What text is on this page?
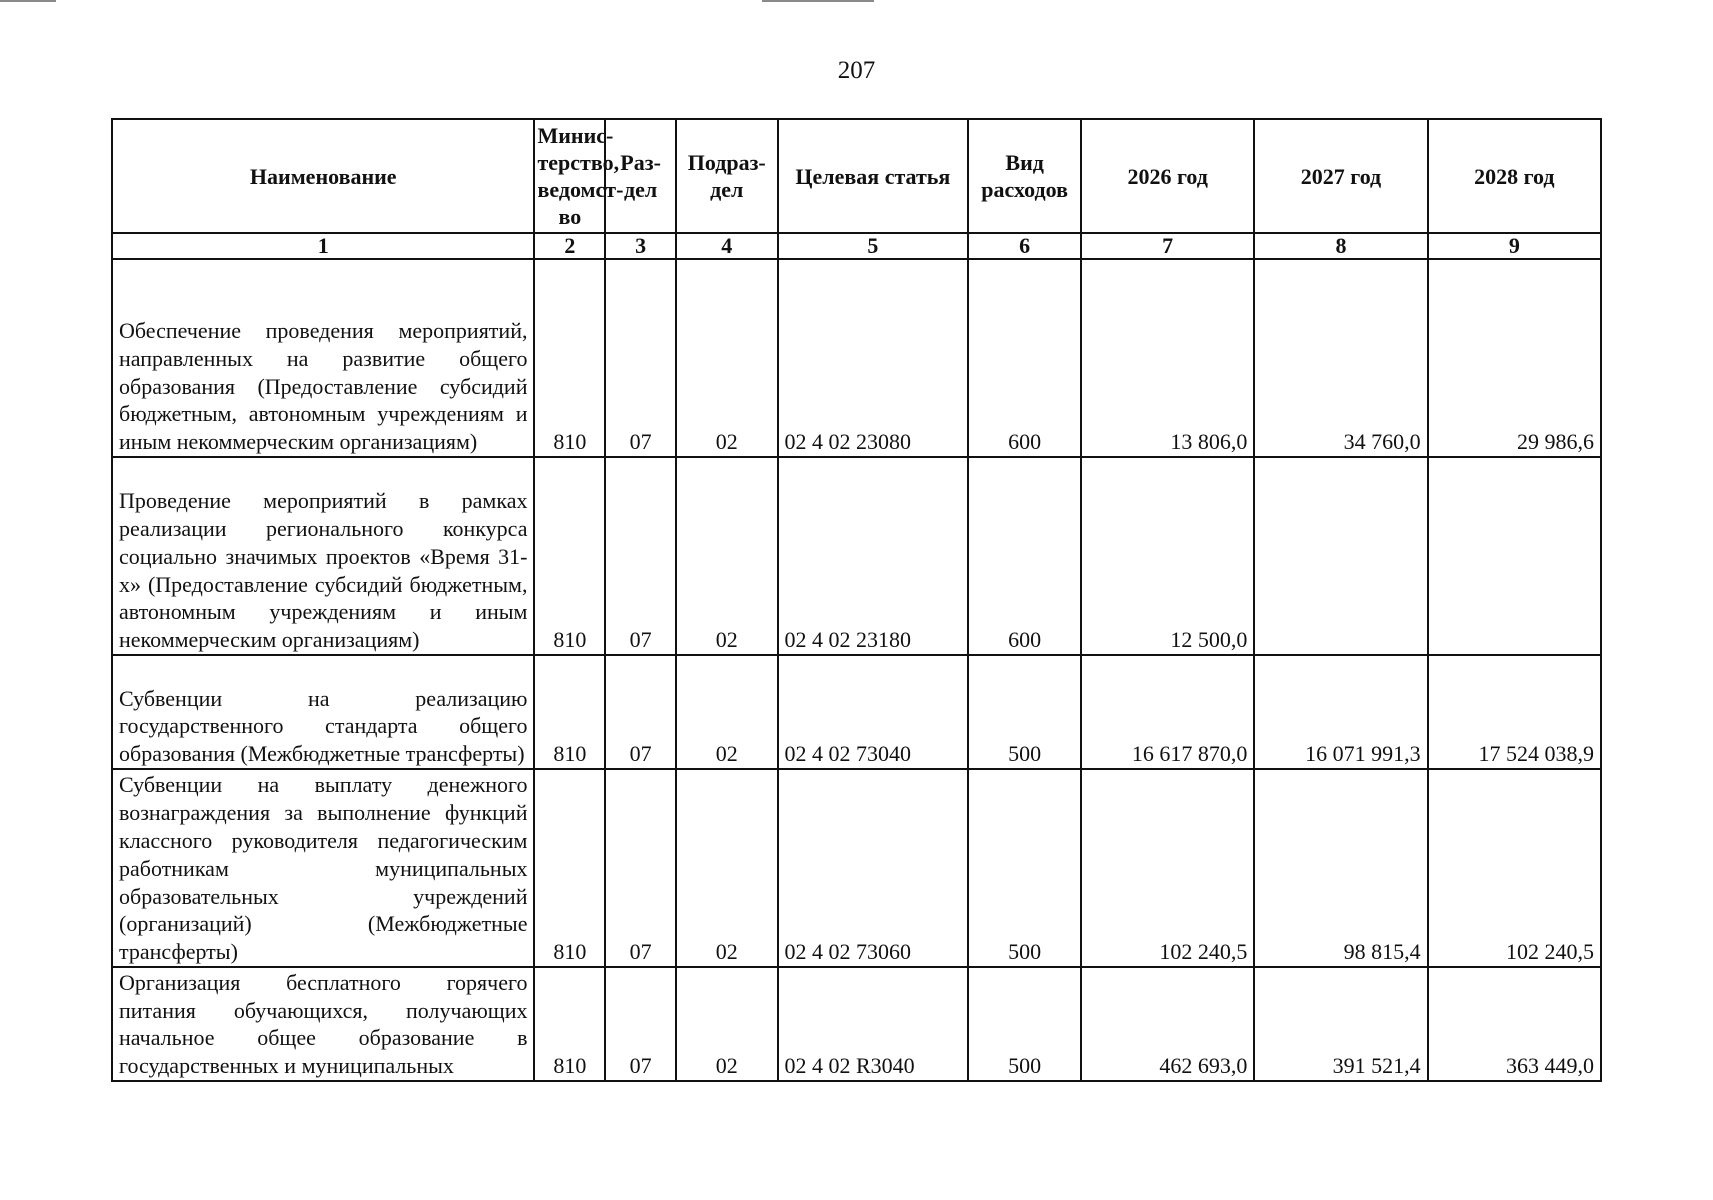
207
Наименование	Минис-терство, ведомст-во	Раз-дел	Подраз-дел	Целевая статья	Вид расходов	2026 год	2027 год	2028 год
1	2	3	4	5	6	7	8	9
Обеспечение проведения мероприятий, направленных на развитие общего образования (Предоставление субсидий бюджетным, автономным учреждениям и иным некоммерческим организациям)	810	07	02	02 4 02 23080	600	13 806,0	34 760,0	29 986,6
Проведение мероприятий в рамках реализации регионального конкурса социально значимых проектов «Время 31-х» (Предоставление субсидий бюджетным, автономным учреждениям и иным некоммерческим организациям)	810	07	02	02 4 02 23180	600	12 500,0		
Субвенции на реализацию государственного стандарта общего образования (Межбюджетные трансферты)	810	07	02	02 4 02 73040	500	16 617 870,0	16 071 991,3	17 524 038,9
Субвенции на выплату денежного вознаграждения за выполнение функций классного руководителя педагогическим работникам муниципальных образовательных учреждений (организаций) (Межбюджетные трансферты)	810	07	02	02 4 02 73060	500	102 240,5	98 815,4	102 240,5
Организация бесплатного горячего питания обучающихся, получающих начальное общее образование в государственных и муниципальных	810	07	02	02 4 02 R3040	500	462 693,0	391 521,4	363 449,0
